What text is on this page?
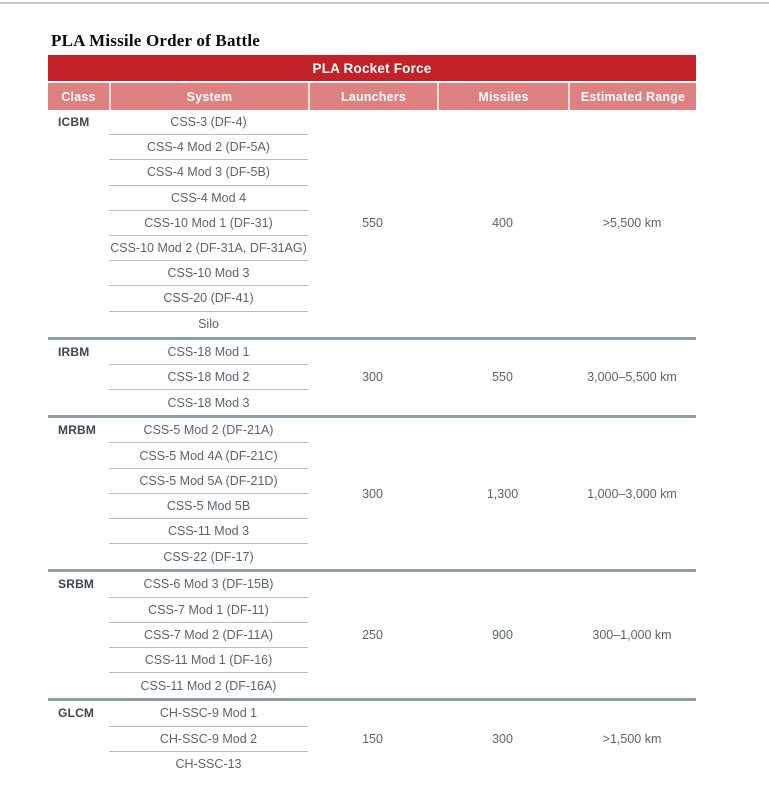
PLA Missile Order of Battle
PLA Rocket Force
Class	System	Launchers	Missiles	Estimated Range
ICBM	CSS-3 (DF-4)
CSS-4 Mod 2 (DF-5A)
CSS-4 Mod 3 (DF-5B)
CSS-4 Mod 4
CSS-10 Mod 1 (DF-31)
CSS-10 Mod 2 (DF-31A, DF-31AG)
CSS-10 Mod 3
CSS-20 (DF-41)
Silo
550	400	>5,500 km
IRBM	CSS-18 Mod 1
CSS-18 Mod 2
CSS-18 Mod 3
300	550	3,000–5,500 km
MRBM	CSS-5 Mod 2 (DF-21A)
CSS-5 Mod 4A (DF-21C)
CSS-5 Mod 5A (DF-21D)
CSS-5 Mod 5B
CSS-11 Mod 3
CSS-22 (DF-17)
300	1,300	1,000–3,000 km
SRBM	CSS-6 Mod 3 (DF-15B)
CSS-7 Mod 1 (DF-11)
CSS-7 Mod 2 (DF-11A)
CSS-11 Mod 1 (DF-16)
CSS-11 Mod 2 (DF-16A)
250	900	300–1,000 km
GLCM	CH-SSC-9 Mod 1
CH-SSC-9 Mod 2
CH-SSC-13
150	300	>1,500 km
